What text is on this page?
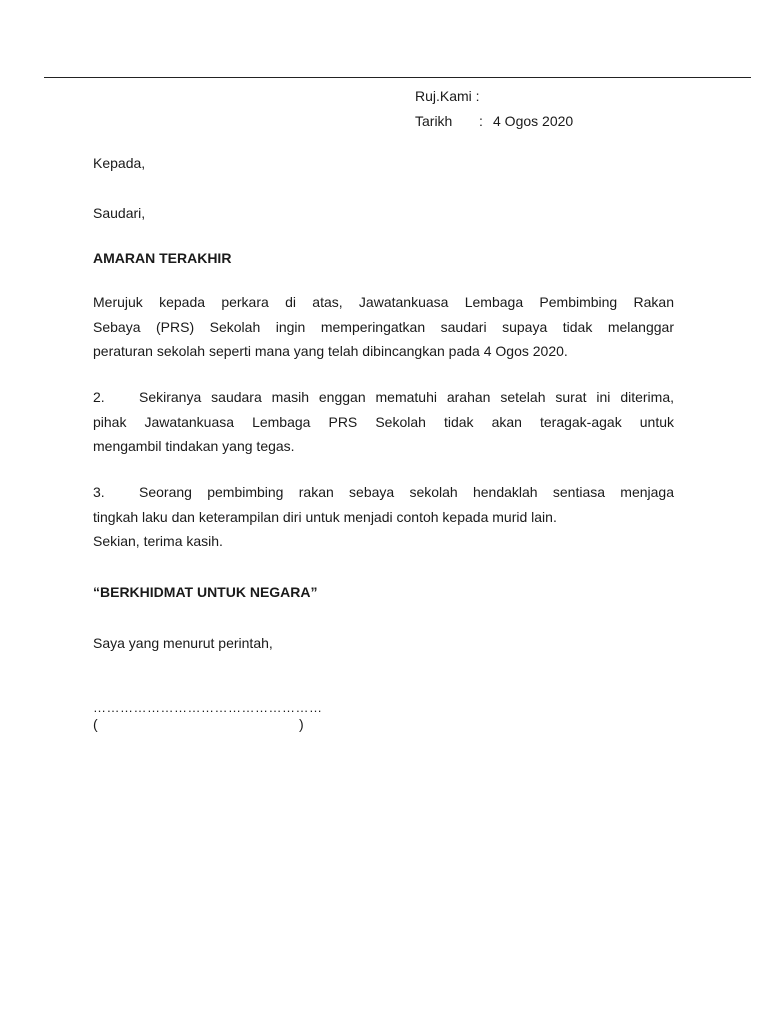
Ruj.Kami :
Tarikh : 4 Ogos 2020
Kepada,
Saudari,
AMARAN TERAKHIR
Merujuk kepada perkara di atas, Jawatankuasa Lembaga Pembimbing Rakan
Sebaya (PRS) Sekolah ingin memperingatkan saudari supaya tidak melanggar
peraturan sekolah seperti mana yang telah dibincangkan pada 4 Ogos 2020.
2. Sekiranya saudara masih enggan mematuhi arahan setelah surat ini diterima,
pihak Jawatankuasa Lembaga PRS Sekolah tidak akan teragak-agak untuk
mengambil tindakan yang tegas.
3. Seorang pembimbing rakan sebaya sekolah hendaklah sentiasa menjaga
tingkah laku dan keterampilan diri untuk menjadi contoh kepada murid lain.
Sekian, terima kasih.
“BERKHIDMAT UNTUK NEGARA”
Saya yang menurut perintah,
……………………………………………
(	)
